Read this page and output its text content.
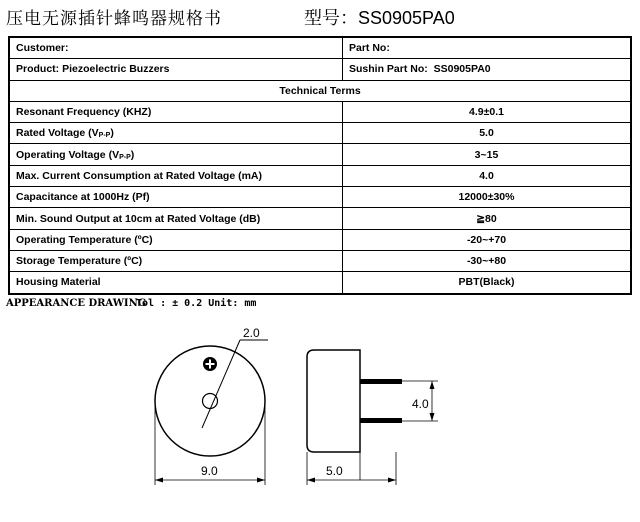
压电无源插针蜂鸣器规格书	型号：SS0905PA0
Customer:	Part No:
Product: Piezoelectric Buzzers	Sushin Part No: SS0905PA0
Technical Terms	
Resonant Frequency (KHZ)	4.9±0.1
Rated Voltage (VP-P)	5.0
Operating Voltage (VP-P)	3~15
Max. Current Consumption at Rated Voltage (mA)	4.0
Capacitance at 1000Hz (Pf)	12000±30%
Min. Sound Output at 10cm at Rated Voltage (dB)	≧80
Operating Temperature (ºC)	-20~+70
Storage Temperature (ºC)	-30~+80
Housing Material	PBT(Black)
APPEARANCE DRAWING
Tol : ± 0.2 Unit: mm
2.0
9.0
4.0
5.0
